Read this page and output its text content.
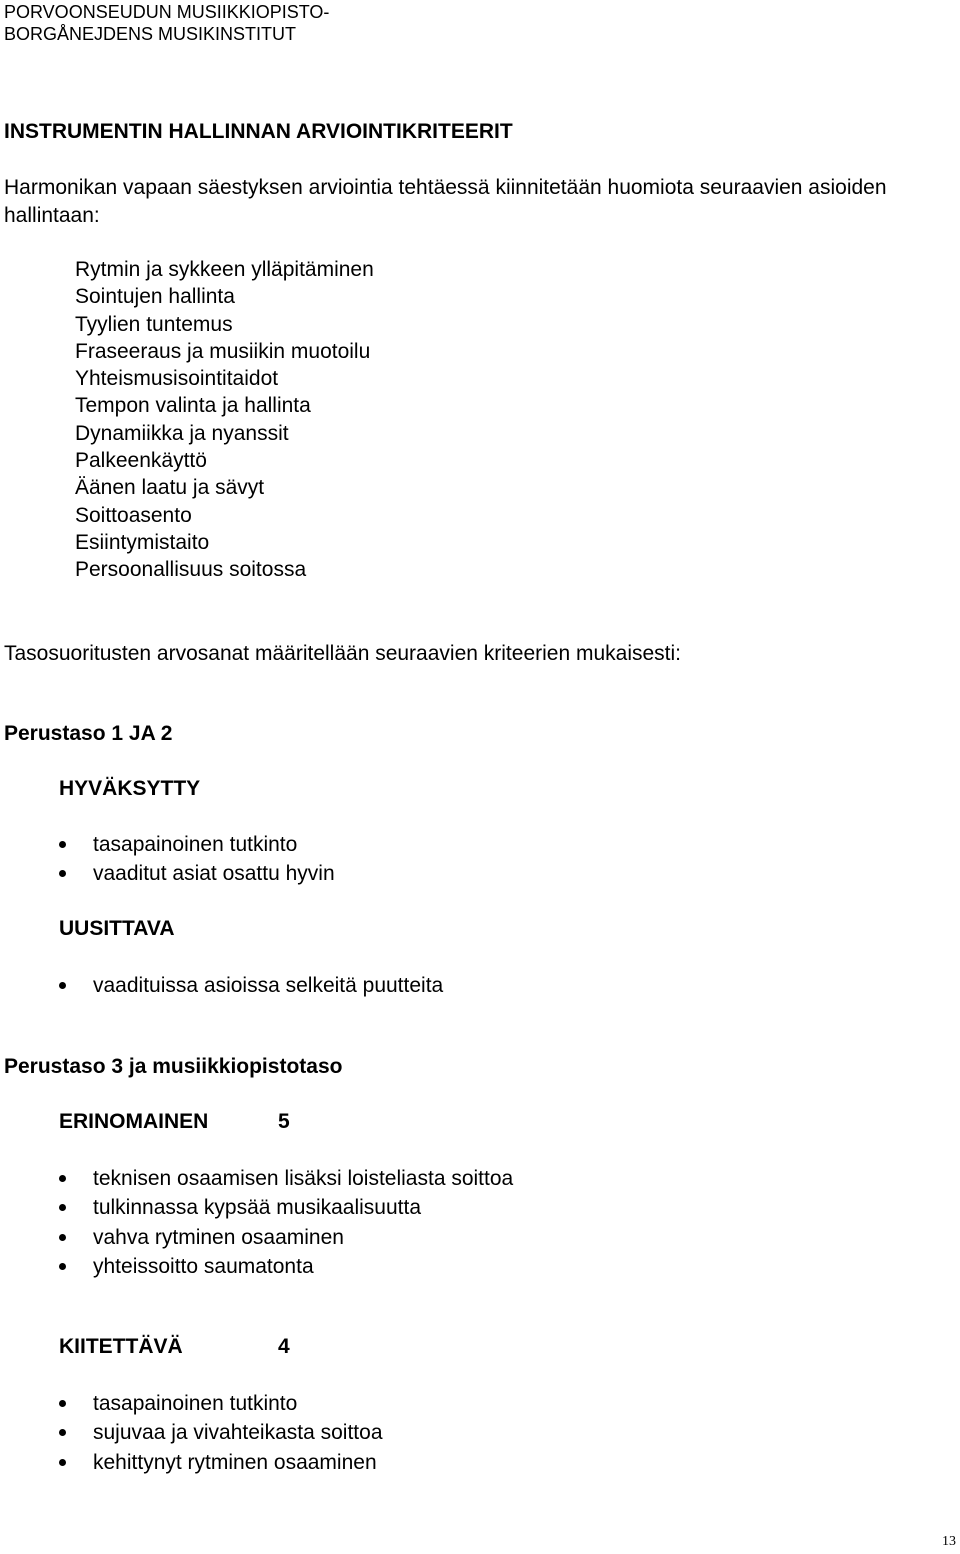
PORVOONSEUDUN MUSIIKKIOPISTO-
BORGÅNEJDENS MUSIKINSTITUT
INSTRUMENTIN HALLINNAN ARVIOINTIKRITEERIT
Harmonikan vapaan säestyksen arviointia tehtäessä kiinnitetään huomiota seuraavien asioiden hallintaan:
Rytmin ja sykkeen ylläpitäminen
Sointujen hallinta
Tyylien tuntemus
Fraseeraus ja musiikin muotoilu
Yhteismusisointitaidot
Tempon valinta ja hallinta
Dynamiikka ja nyanssit
Palkeenkäyttö
Äänen laatu ja sävyt
Soittoasento
Esiintymistaito
Persoonallisuus soitossa
Tasosuoritusten arvosanat määritellään seuraavien kriteerien mukaisesti:
Perustaso 1 JA 2
HYVÄKSYTTY
tasapainoinen tutkinto
vaaditut asiat osattu hyvin
UUSITTAVA
vaadituissa asioissa selkeitä puutteita
Perustaso 3 ja musiikkiopistotaso
ERINOMAINEN	5
teknisen osaamisen lisäksi loisteliasta soittoa
tulkinnassa kypsää musikaalisuutta
vahva rytminen osaaminen
yhteissoitto saumatonta
KIITETTÄVÄ	4
tasapainoinen tutkinto
sujuvaa ja vivahteikasta soittoa
kehittynyt rytminen osaaminen
13
